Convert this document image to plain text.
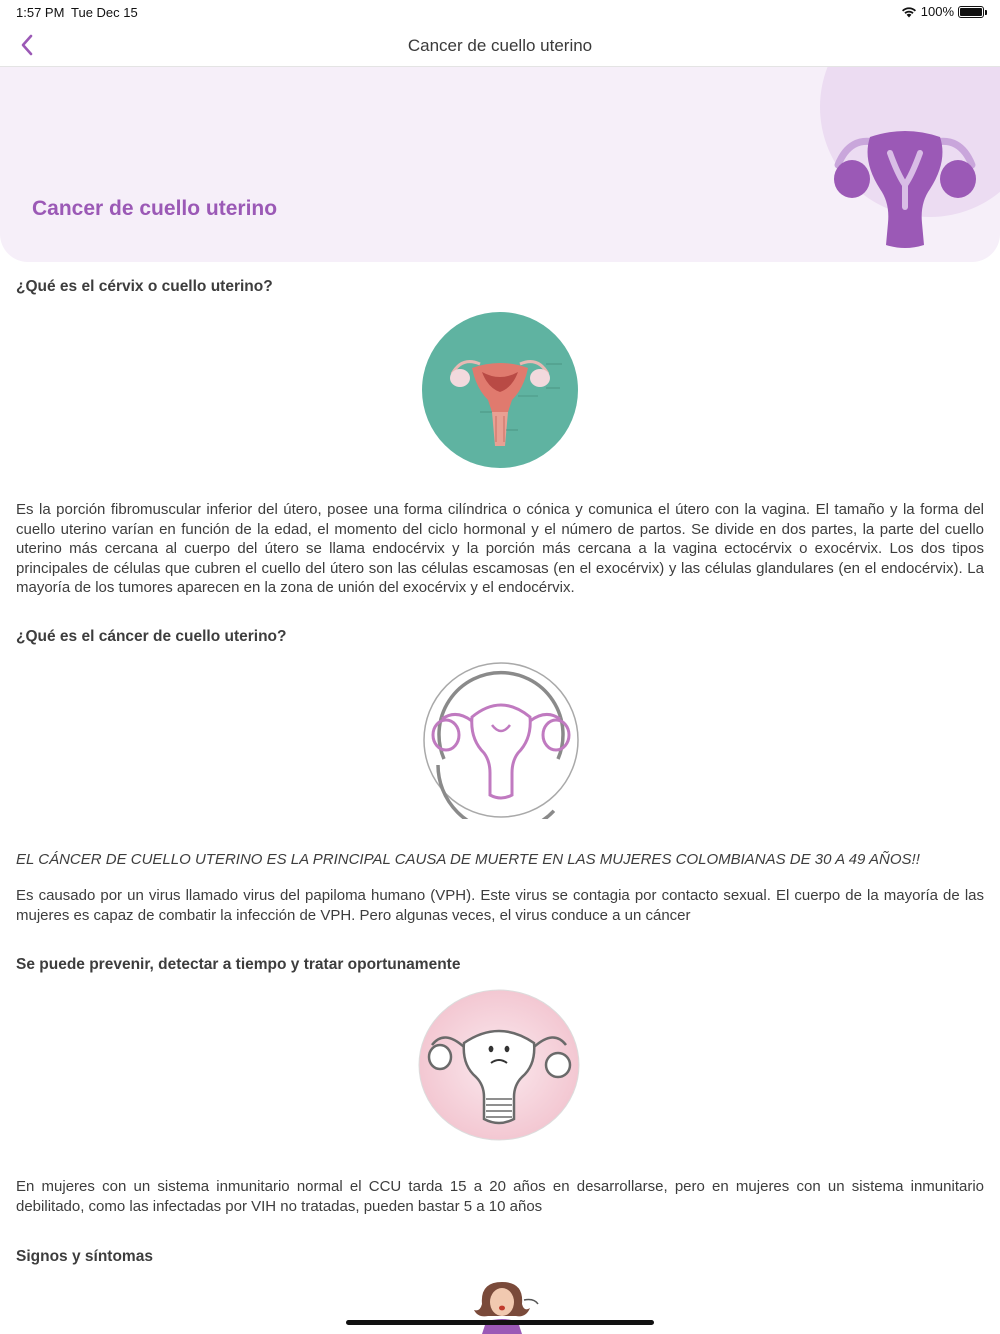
1:57 PM Tue Dec 15	100%
Cancer de cuello uterino
Cancer de cuello uterino
¿Qué es el cérvix o cuello uterino?
Es la porción fibromuscular inferior del útero, posee una forma cilíndrica o cónica y comunica el útero con la vagina. El tamaño y la forma del cuello uterino varían en función de la edad, el momento del ciclo hormonal y el número de partos. Se divide en dos partes, la parte del cuello uterino más cercana al cuerpo del útero se llama endocérvix y la porción más cercana a la vagina ectocérvix o exocérvix. Los dos tipos principales de células que cubren el cuello del útero son las células escamosas (en el exocérvix) y las células glandulares (en el endocérvix). La mayoría de los tumores aparecen en la zona de unión del exocérvix y el endocérvix.
¿Qué es el cáncer de cuello uterino?
EL CÁNCER DE CUELLO UTERINO ES LA PRINCIPAL CAUSA DE MUERTE EN LAS MUJERES COLOMBIANAS DE 30 A 49 AÑOS!!
Es causado por un virus llamado virus del papiloma humano (VPH). Este virus se contagia por contacto sexual. El cuerpo de la mayoría de las mujeres es capaz de combatir la infección de VPH. Pero algunas veces, el virus conduce a un cáncer
Se puede prevenir, detectar a tiempo y tratar oportunamente
En mujeres con un sistema inmunitario normal el CCU tarda 15 a 20 años en desarrollarse, pero en mujeres con un sistema inmunitario debilitado, como las infectadas por VIH no tratadas, pueden bastar 5 a 10 años
Signos y síntomas
